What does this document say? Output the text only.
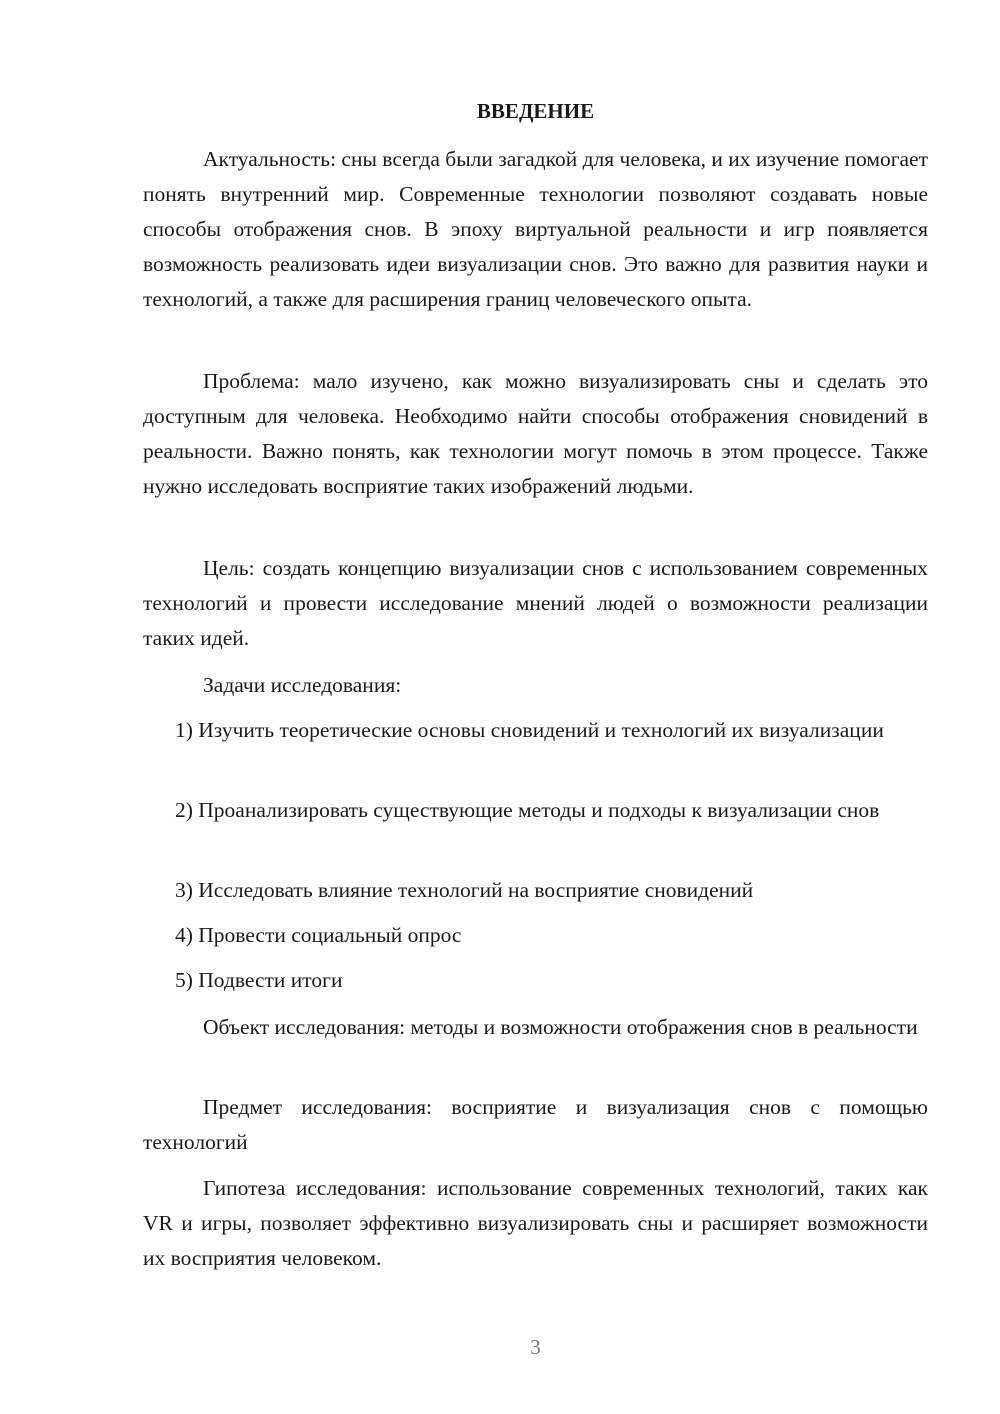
ВВЕДЕНИЕ

Актуальность: сны всегда были загадкой для человека, и их изучение помогает понять внутренний мир. Современные технологии позволяют создавать новые способы отображения снов. В эпоху виртуальной реальности и игр появляется возможность реализовать идеи визуализации снов. Это важно для развития науки и технологий, а также для расширения границ человеческого опыта.

Проблема: мало изучено, как можно визуализировать сны и сделать это доступным для человека. Необходимо найти способы отображения сновидений в реальности. Важно понять, как технологии могут помочь в этом процессе. Также нужно исследовать восприятие таких изображений людьми.

Цель: создать концепцию визуализации снов с использованием современных технологий и провести исследование мнений людей о возможности реализации таких идей.

Задачи исследования:

1) Изучить теоретические основы сновидений и технологий их визуализации

2) Проанализировать существующие методы и подходы к визуализации снов

3) Исследовать влияние технологий на восприятие сновидений

4) Провести социальный опрос

5) Подвести итоги

Объект исследования: методы и возможности отображения снов в реальности

Предмет исследования: восприятие и визуализация снов с помощью технологий

Гипотеза исследования: использование современных технологий, таких как VR и игры, позволяет эффективно визуализировать сны и расширяет возможности их восприятия человеком.

3
